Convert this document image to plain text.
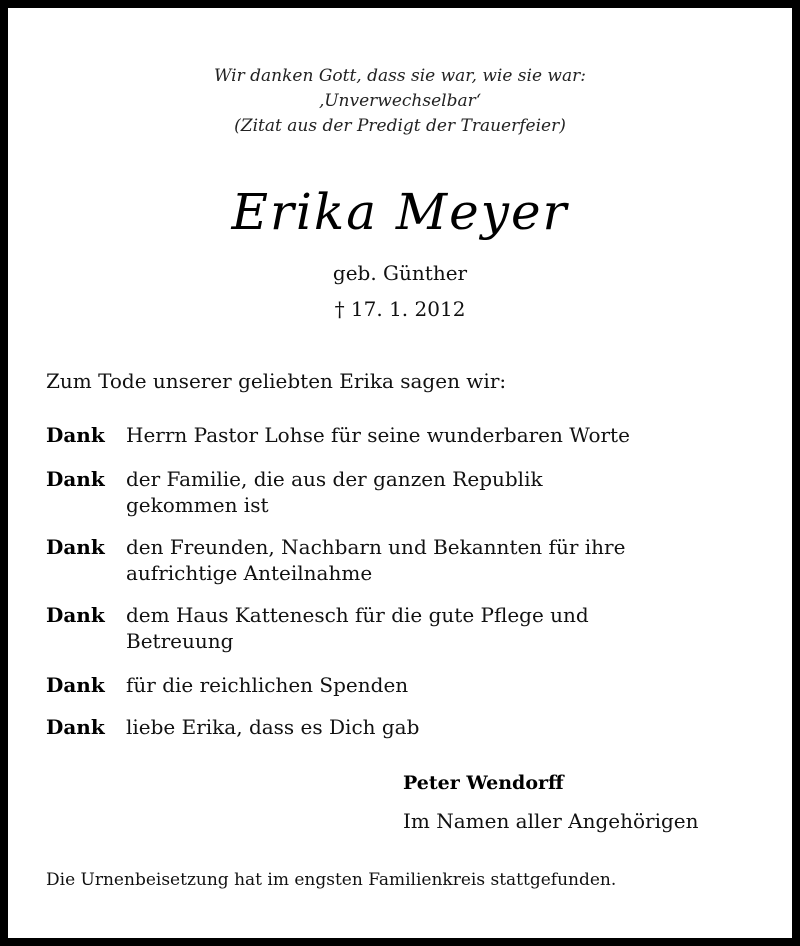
Wir danken Gott, dass sie war, wie sie war:
‚Unverwechselbar‘
(Zitat aus der Predigt der Trauerfeier)
Erika Meyer
geb. Günther
† 17. 1. 2012
Zum Tode unserer geliebten Erika sagen wir:
Dank Herrn Pastor Lohse für seine wunderbaren Worte
Dank der Familie, die aus der ganzen Republik
gekommen ist
Dank den Freunden, Nachbarn und Bekannten für ihre
aufrichtige Anteilnahme
Dank dem Haus Kattenesch für die gute Pflege und
Betreuung
Dank für die reichlichen Spenden
Dank liebe Erika, dass es Dich gab
Peter Wendorff
Im Namen aller Angehörigen
Die Urnenbeisetzung hat im engsten Familienkreis stattgefunden.
